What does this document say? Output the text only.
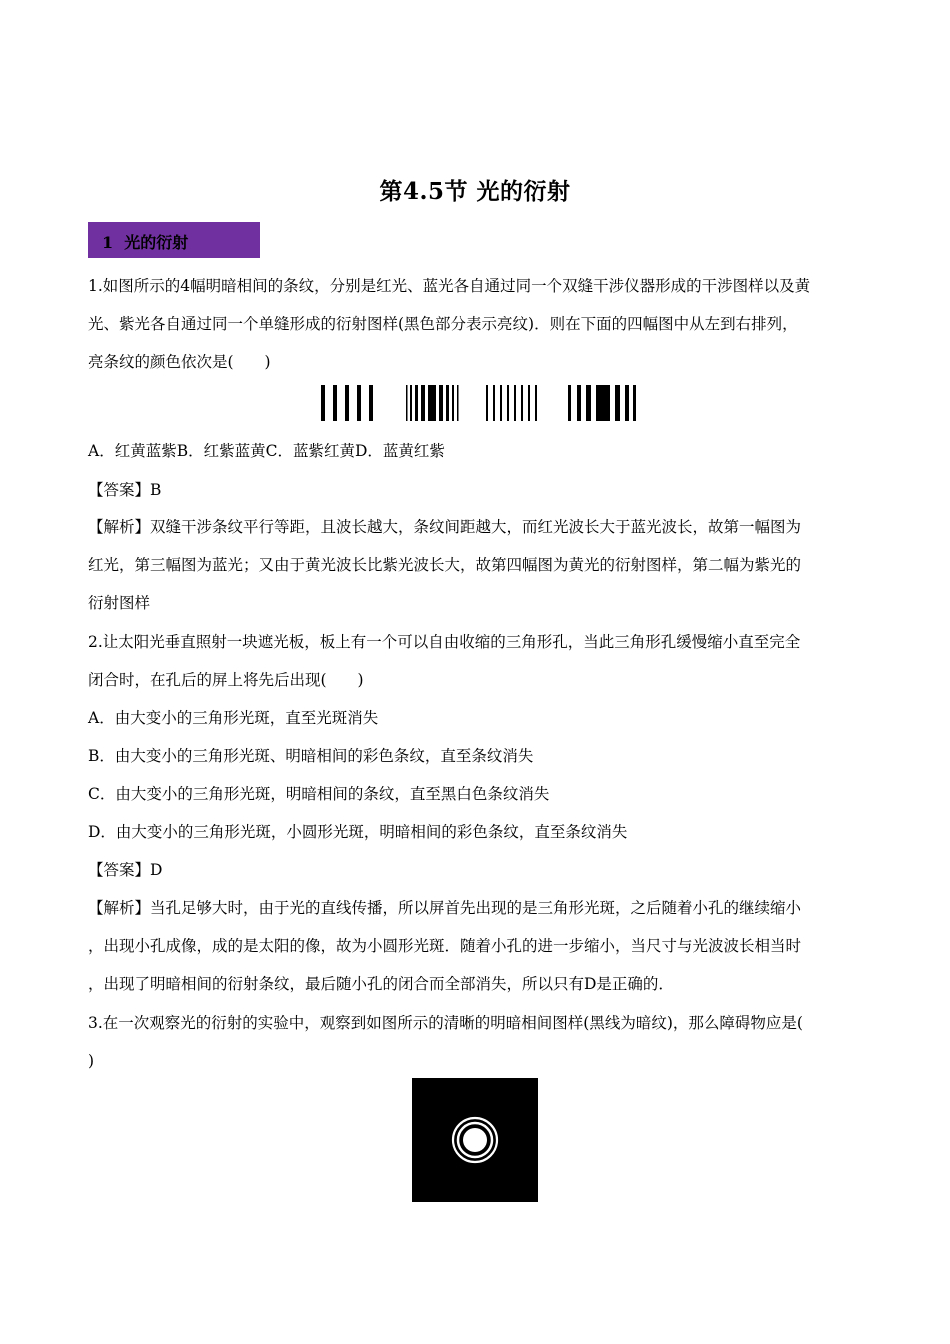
第4.5节 光的衍射
1 光的衍射
1.如图所示的4幅明暗相间的条纹，分别是红光、蓝光各自通过同一个双缝干涉仪器形成的干涉图样以及黄
光、紫光各自通过同一个单缝形成的衍射图样(黑色部分表示亮纹)．则在下面的四幅图中从左到右排列，
亮条纹的颜色依次是(　　)
A．红黄蓝紫B．红紫蓝黄C．蓝紫红黄D．蓝黄红紫
【答案】B
【解析】双缝干涉条纹平行等距，且波长越大，条纹间距越大，而红光波长大于蓝光波长，故第一幅图为
红光，第三幅图为蓝光；又由于黄光波长比紫光波长大，故第四幅图为黄光的衍射图样，第二幅为紫光的
衍射图样
2.让太阳光垂直照射一块遮光板，板上有一个可以自由收缩的三角形孔，当此三角形孔缓慢缩小直至完全
闭合时，在孔后的屏上将先后出现(　　)
A．由大变小的三角形光斑，直至光斑消失
B．由大变小的三角形光斑、明暗相间的彩色条纹，直至条纹消失
C．由大变小的三角形光斑，明暗相间的条纹，直至黑白色条纹消失
D．由大变小的三角形光斑，小圆形光斑，明暗相间的彩色条纹，直至条纹消失
【答案】D
【解析】当孔足够大时，由于光的直线传播，所以屏首先出现的是三角形光斑，之后随着小孔的继续缩小
，出现小孔成像，成的是太阳的像，故为小圆形光斑．随着小孔的进一步缩小，当尺寸与光波波长相当时
，出现了明暗相间的衍射条纹，最后随小孔的闭合而全部消失，所以只有D是正确的．
3.在一次观察光的衍射的实验中，观察到如图所示的清晰的明暗相间图样(黑线为暗纹)，那么障碍物应是(
)
